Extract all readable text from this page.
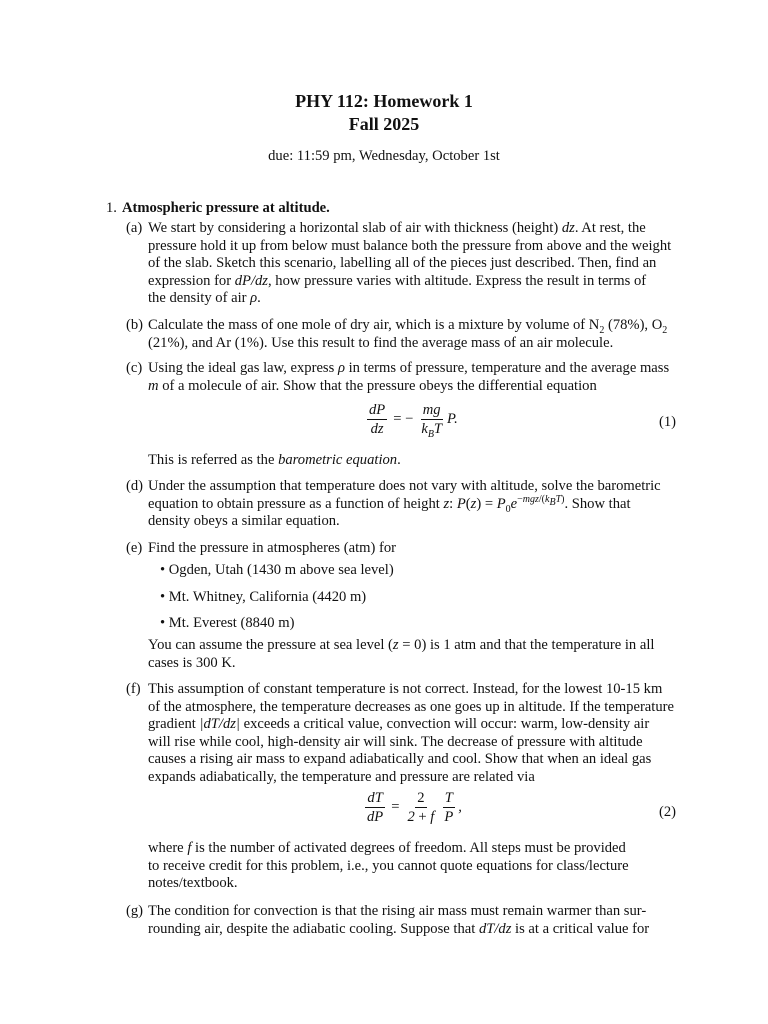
PHY 112: Homework 1
Fall 2025
due: 11:59 pm, Wednesday, October 1st
1. Atmospheric pressure at altitude.
(a) We start by considering a horizontal slab of air with thickness (height) dz. At rest, the
pressure hold it up from below must balance both the pressure from above and the weight
of the slab. Sketch this scenario, labelling all of the pieces just described. Then, find an
expression for dP/dz, how pressure varies with altitude. Express the result in terms of
the density of air ρ.
(b) Calculate the mass of one mole of dry air, which is a mixture by volume of $N_2$ (78%), $O_2$
(21%), and Ar (1%). Use this result to find the average mass of an air molecule.
(c) Using the ideal gas law, express ρ in terms of pressure, temperature and the average mass
m of a molecule of air. Show that the pressure obeys the differential equation
$\frac{dP}{dz}$ = − $\frac{mg}{k_BT} P$.	(1)
This is referred as the barometric equation.
(d) Under the assumption that temperature does not vary with altitude, solve the barometric
equation to obtain pressure as a function of height z: $P(z) = P_0e^{-mgz/(k_BT)}$. Show that
density obeys a similar equation.
(e) Find the pressure in atmospheres (atm) for
• Ogden, Utah (1430 m above sea level)
• Mt. Whitney, California (4420 m)
• Mt. Everest (8840 m)
You can assume the pressure at sea level (z = 0) is 1 atm and that the temperature in all
cases is 300 K.
(f) This assumption of constant temperature is not correct. Instead, for the lowest 10-15 km
of the atmosphere, the temperature decreases as one goes up in altitude. If the temperature
gradient |dT/dz| exceeds a critical value, convection will occur: warm, low-density air
will rise while cool, high-density air will sink. The decrease of pressure with altitude
causes a rising air mass to expand adiabatically and cool. Show that when an ideal gas
expands adiabatically, the temperature and pressure are related via
$\frac{dT}{dP} = \frac{2}{2 + f} \frac{T}{P}$ ,	(2)
where f is the number of activated degrees of freedom. All steps must be provided
to receive credit for this problem, i.e., you cannot quote equations for class/lecture
notes/textbook.
(g) The condition for convection is that the rising air mass must remain warmer than sur-
rounding air, despite the adiabatic cooling. Suppose that dT/dz is at a critical value for
